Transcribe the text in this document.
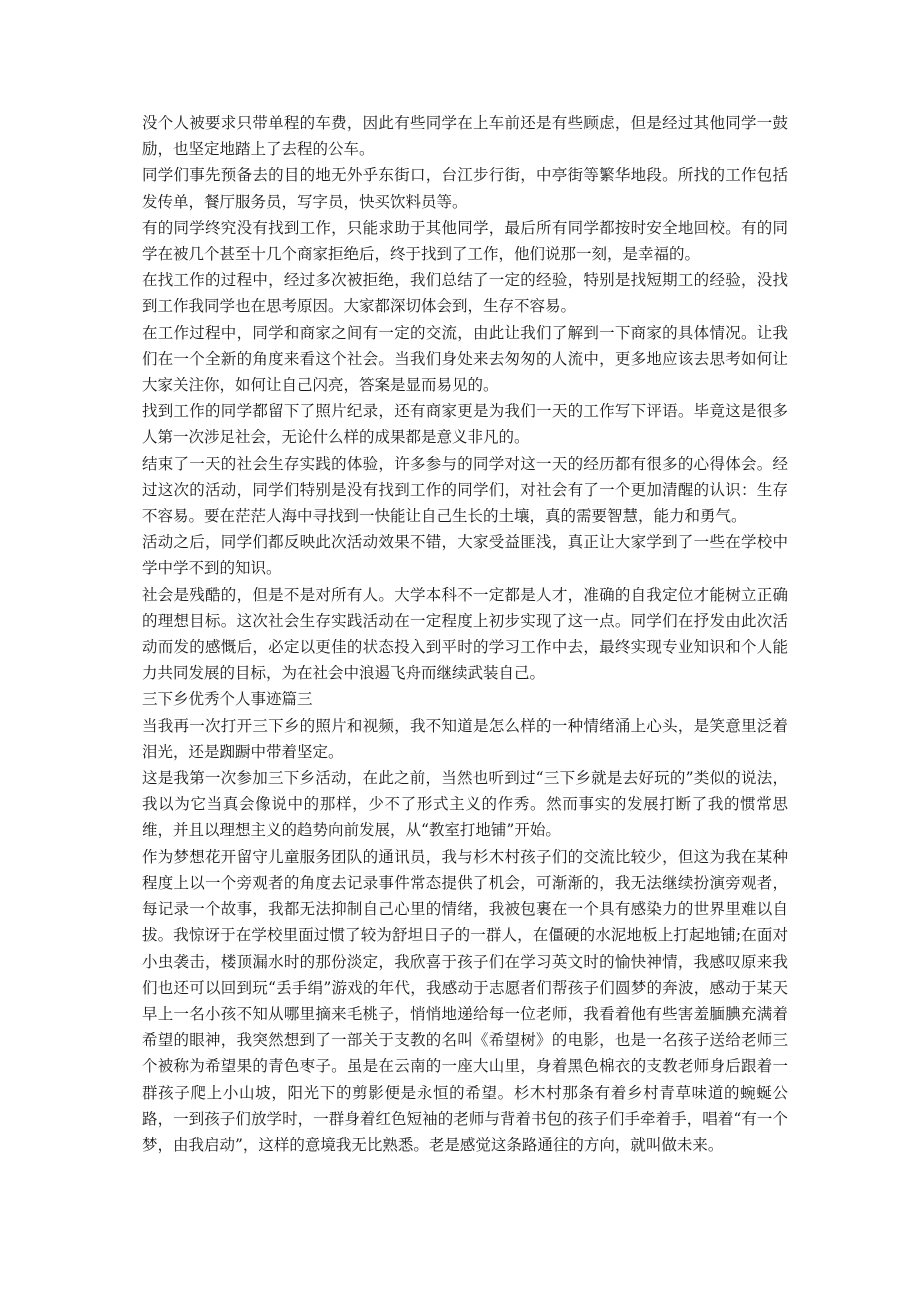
没个人被要求只带单程的车费，因此有些同学在上车前还是有些顾虑，但是经过其他同学一鼓励，也坚定地踏上了去程的公车。

同学们事先预备去的目的地无外乎东街口，台江步行街，中亭街等繁华地段。所找的工作包括发传单，餐厅服务员，写字员，快买饮料员等。

有的同学终究没有找到工作，只能求助于其他同学，最后所有同学都按时安全地回校。有的同学在被几个甚至十几个商家拒绝后，终于找到了工作，他们说那一刻，是幸福的。

在找工作的过程中，经过多次被拒绝，我们总结了一定的经验，特别是找短期工的经验，没找到工作我同学也在思考原因。大家都深切体会到，生存不容易。

在工作过程中，同学和商家之间有一定的交流，由此让我们了解到一下商家的具体情况。让我们在一个全新的角度来看这个社会。当我们身处来去匆匆的人流中，更多地应该去思考如何让大家关注你，如何让自己闪亮，答案是显而易见的。

找到工作的同学都留下了照片纪录，还有商家更是为我们一天的工作写下评语。毕竟这是很多人第一次涉足社会，无论什么样的成果都是意义非凡的。

结束了一天的社会生存实践的体验，许多参与的同学对这一天的经历都有很多的心得体会。经过这次的活动，同学们特别是没有找到工作的同学们，对社会有了一个更加清醒的认识：生存不容易。要在茫茫人海中寻找到一快能让自己生长的土壤，真的需要智慧，能力和勇气。

活动之后，同学们都反映此次活动效果不错，大家受益匪浅，真正让大家学到了一些在学校中学中学不到的知识。

社会是残酷的，但是不是对所有人。大学本科不一定都是人才，准确的自我定位才能树立正确的理想目标。这次社会生存实践活动在一定程度上初步实现了这一点。同学们在抒发由此次活动而发的感慨后，必定以更佳的状态投入到平时的学习工作中去，最终实现专业知识和个人能力共同发展的目标，为在社会中浪遏飞舟而继续武装自己。

三下乡优秀个人事迹篇三

当我再一次打开三下乡的照片和视频，我不知道是怎么样的一种情绪涌上心头，是笑意里泛着泪光，还是踟蹰中带着坚定。

这是我第一次参加三下乡活动，在此之前，当然也听到过“三下乡就是去好玩的”类似的说法，我以为它当真会像说中的那样，少不了形式主义的作秀。然而事实的发展打断了我的惯常思维，并且以理想主义的趋势向前发展，从“教室打地铺”开始。

作为梦想花开留守儿童服务团队的通讯员，我与杉木村孩子们的交流比较少，但这为我在某种程度上以一个旁观者的角度去记录事件常态提供了机会，可渐渐的，我无法继续扮演旁观者，每记录一个故事，我都无法抑制自己心里的情绪，我被包裹在一个具有感染力的世界里难以自拔。我惊讶于在学校里面过惯了较为舒坦日子的一群人，在僵硬的水泥地板上打起地铺;在面对小虫袭击，楼顶漏水时的那份淡定，我欣喜于孩子们在学习英文时的愉快神情，我感叹原来我们也还可以回到玩“丢手绢”游戏的年代，我感动于志愿者们帮孩子们圆梦的奔波，感动于某天早上一名小孩不知从哪里摘来毛桃子，悄悄地递给每一位老师，我看着他有些害羞腼腆充满着希望的眼神，我突然想到了一部关于支教的名叫《希望树》的电影，也是一名孩子送给老师三个被称为希望果的青色枣子。虽是在云南的一座大山里，身着黑色棉衣的支教老师身后跟着一群孩子爬上小山坡，阳光下的剪影便是永恒的希望。杉木村那条有着乡村青草味道的蜿蜒公路，一到孩子们放学时，一群身着红色短袖的老师与背着书包的孩子们手牵着手，唱着“有一个梦，由我启动”，这样的意境我无比熟悉。老是感觉这条路通往的方向，就叫做未来。
